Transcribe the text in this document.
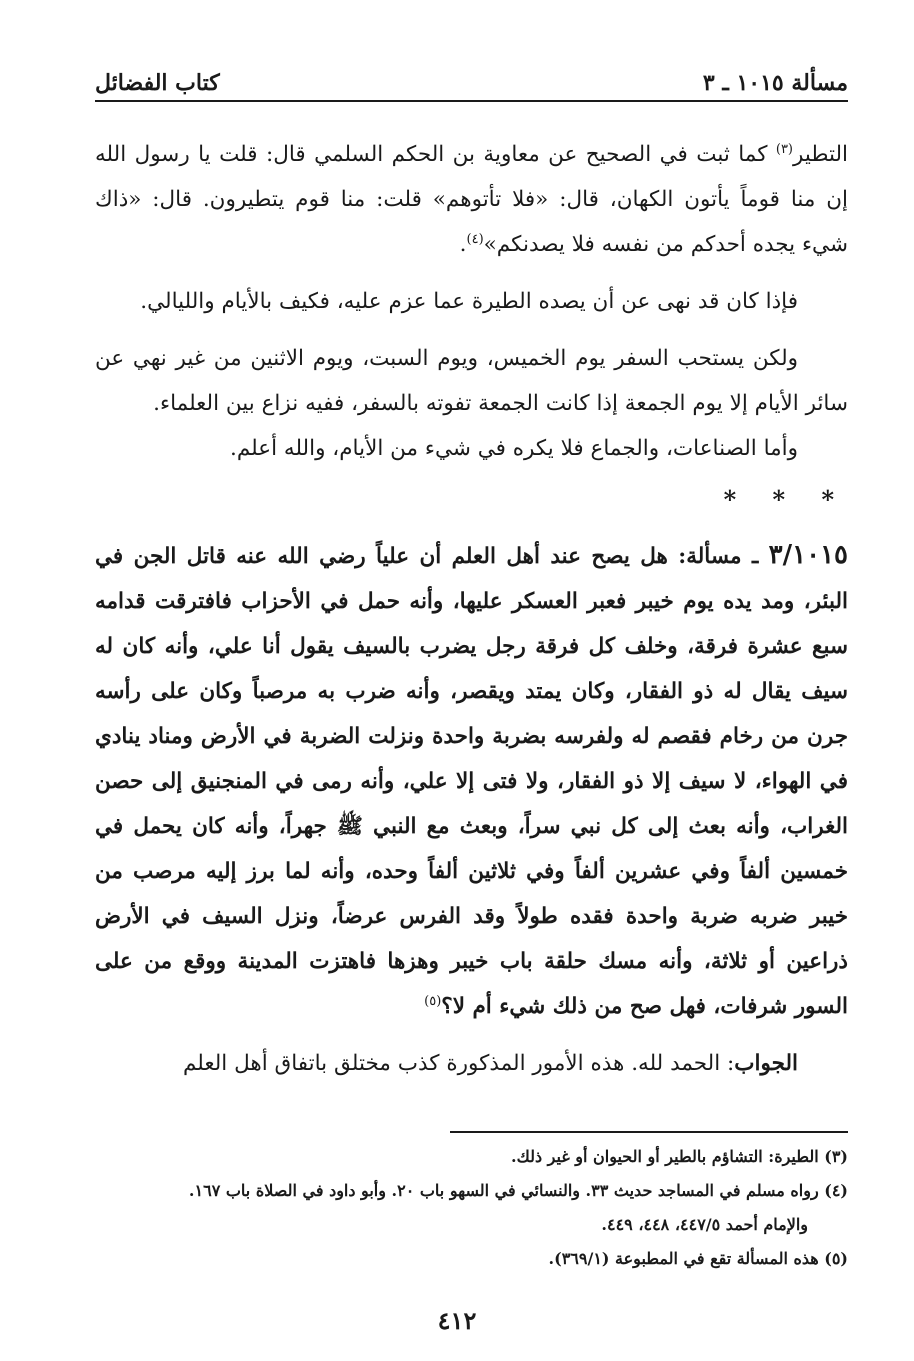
مسألة ١٠١٥ ـ ٣
كتاب الفضائل

التطير$^{(٣)}$ كما ثبت في الصحيح عن معاوية بن الحكم السلمي قال: قلت يا رسول الله إن منا قوماً يأتون الكهان، قال: «فلا تأتوهم» قلت: منا قوم يتطيرون. قال: «ذاك شيء يجده أحدكم من نفسه فلا يصدنكم»$^{(٤)}$.

فإذا كان قد نهى عن أن يصده الطيرة عما عزم عليه، فكيف بالأيام والليالي.

ولكن يستحب السفر يوم الخميس، ويوم السبت، ويوم الاثنين من غير نهي عن سائر الأيام إلا يوم الجمعة إذا كانت الجمعة تفوته بالسفر، ففيه نزاع بين العلماء.

وأما الصناعات، والجماع فلا يكره في شيء من الأيام، والله أعلم.

* * *

٣/١٠١٥ ـ مسألة: هل يصح عند أهل العلم أن علياً رضي الله عنه قاتل الجن في البئر، ومد يده يوم خيبر فعبر العسكر عليها، وأنه حمل في الأحزاب فافترقت قدامه سبع عشرة فرقة، وخلف كل فرقة رجل يضرب بالسيف يقول أنا علي، وأنه كان له سيف يقال له ذو الفقار، وكان يمتد ويقصر، وأنه ضرب به مرصباً وكان على رأسه جرن من رخام فقصم له ولفرسه بضربة واحدة ونزلت الضربة في الأرض ومناد ينادي في الهواء، لا سيف إلا ذو الفقار، ولا فتى إلا علي، وأنه رمى في المنجنيق إلى حصن الغراب، وأنه بعث إلى كل نبي سراً، وبعث مع النبي ﷺ جهراً، وأنه كان يحمل في خمسين ألفاً وفي عشرين ألفاً وفي ثلاثين ألفاً وحده، وأنه لما برز إليه مرصب من خيبر ضربه ضربة واحدة فقده طولاً وقد الفرس عرضاً، ونزل السيف في الأرض ذراعين أو ثلاثة، وأنه مسك حلقة باب خيبر وهزها فاهتزت المدينة ووقع من على السور شرفات، فهل صح من ذلك شيء أم لا؟$^{(٥)}$

الجواب: الحمد لله. هذه الأمور المذكورة كذب مختلق باتفاق أهل العلم

(٣) الطيرة: التشاؤم بالطير أو الحيوان أو غير ذلك.

(٤) رواه مسلم في المساجد حديث ٣٣. والنسائي في السهو باب ٢٠. وأبو داود في الصلاة باب ١٦٧.
والإمام أحمد ٤٤٧/٥، ٤٤٨، ٤٤٩.

(٥) هذه المسألة تقع في المطبوعة (٣٦٩/١).

٤١٢
